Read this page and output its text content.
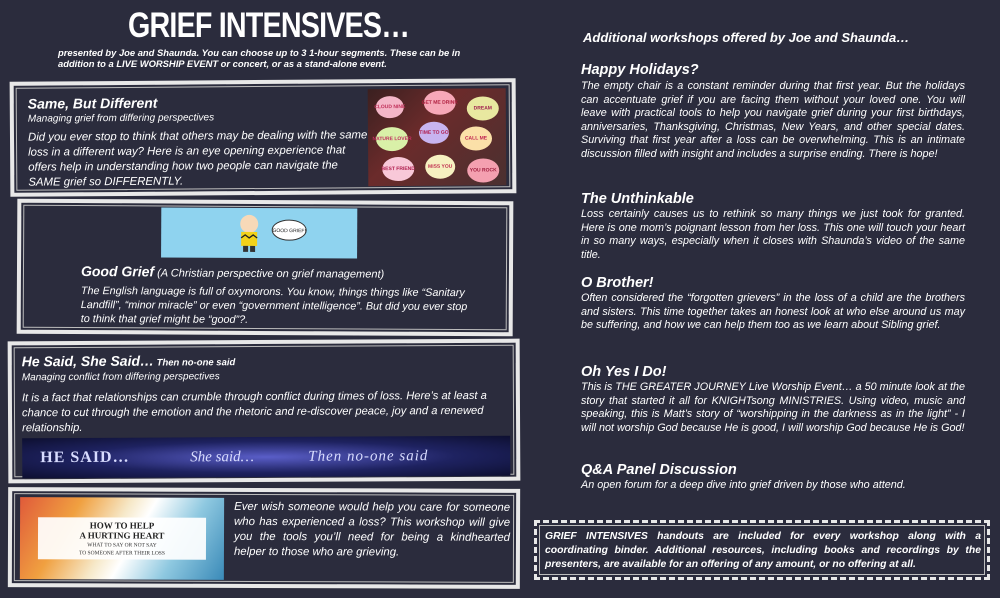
GRIEF INTENSIVES…
presented by Joe and Shaunda. You can choose up to 3 1-hour segments. These can be in addition to a LIVE WORSHIP EVENT or concert, or as a stand-alone event.
Same, But Different
Managing grief from differing perspectives
Did you ever stop to think that others may be dealing with the same loss in a different way? Here is an eye opening experience that offers help in understanding how two people can navigate the SAME grief so DIFFERENTLY.
CLOUD NINE
GET ME DRINK
DREAM
NATURE LOVER
TIME TO GO
CALL ME
BEST FRIEND	MISS YOU
YOU ROCK
GOOD GRIEF!
Good Grief (A Christian perspective on grief management)
The English language is full of oxymorons. You know, things things like “Sanitary Landfill”, “minor miracle” or even “government intelligence”. But did you ever stop to think that grief might be “good”?.
He Said, She Said… Then no-one said
Managing conflict from differing perspectives
It is a fact that relationships can crumble through conflict during times of loss. Here’s at least a chance to cut through the emotion and the rhetoric and re-discover peace, joy and a renewed relationship.
HE SAID…	She said…	Then no-one said
HOW TO HELP
A HURTING HEART
WHAT TO SAY OR NOT SAY
TO SOMEONE AFTER THEIR LOSS
Ever wish someone would help you care for someone who has experienced a loss? This workshop will give you the tools you’ll need for being a kindhearted helper to those who are grieving.
Additional workshops offered by Joe and Shaunda…
Happy Holidays?
The empty chair is a constant reminder during that first year. But the holidays can accentuate grief if you are facing them without your loved one. You will leave with practical tools to help you navigate grief during your first birthdays, anniversaries, Thanksgiving, Christmas, New Years, and other special dates. Surviving that first year after a loss can be overwhelming. This is an intimate discussion filled with insight and includes a surprise ending. There is hope!
The Unthinkable
Loss certainly causes us to rethink so many things we just took for granted. Here is one mom’s poignant lesson from her loss. This one will touch your heart in so many ways, especially when it closes with Shaunda’s video of the same title.
O Brother!
Often considered the “forgotten grievers” in the loss of a child are the brothers and sisters. This time together takes an honest look at who else around us may be suffering, and how we can help them too as we learn about Sibling grief.
Oh Yes I Do!
This is THE GREATER JOURNEY Live Worship Event… a 50 minute look at the story that started it all for KNIGHTsong MINISTRIES. Using video, music and speaking, this is Matt’s story of “worshipping in the darkness as in the light” - I will not worship God because He is good, I will worship God because He is God!
Q&A Panel Discussion
An open forum for a deep dive into grief driven by those who attend.
GRIEF INTENSIVES handouts are included for every workshop along with a coordinating binder. Additional resources, including books and recordings by the presenters, are available for an offering of any amount, or no offering at all.
